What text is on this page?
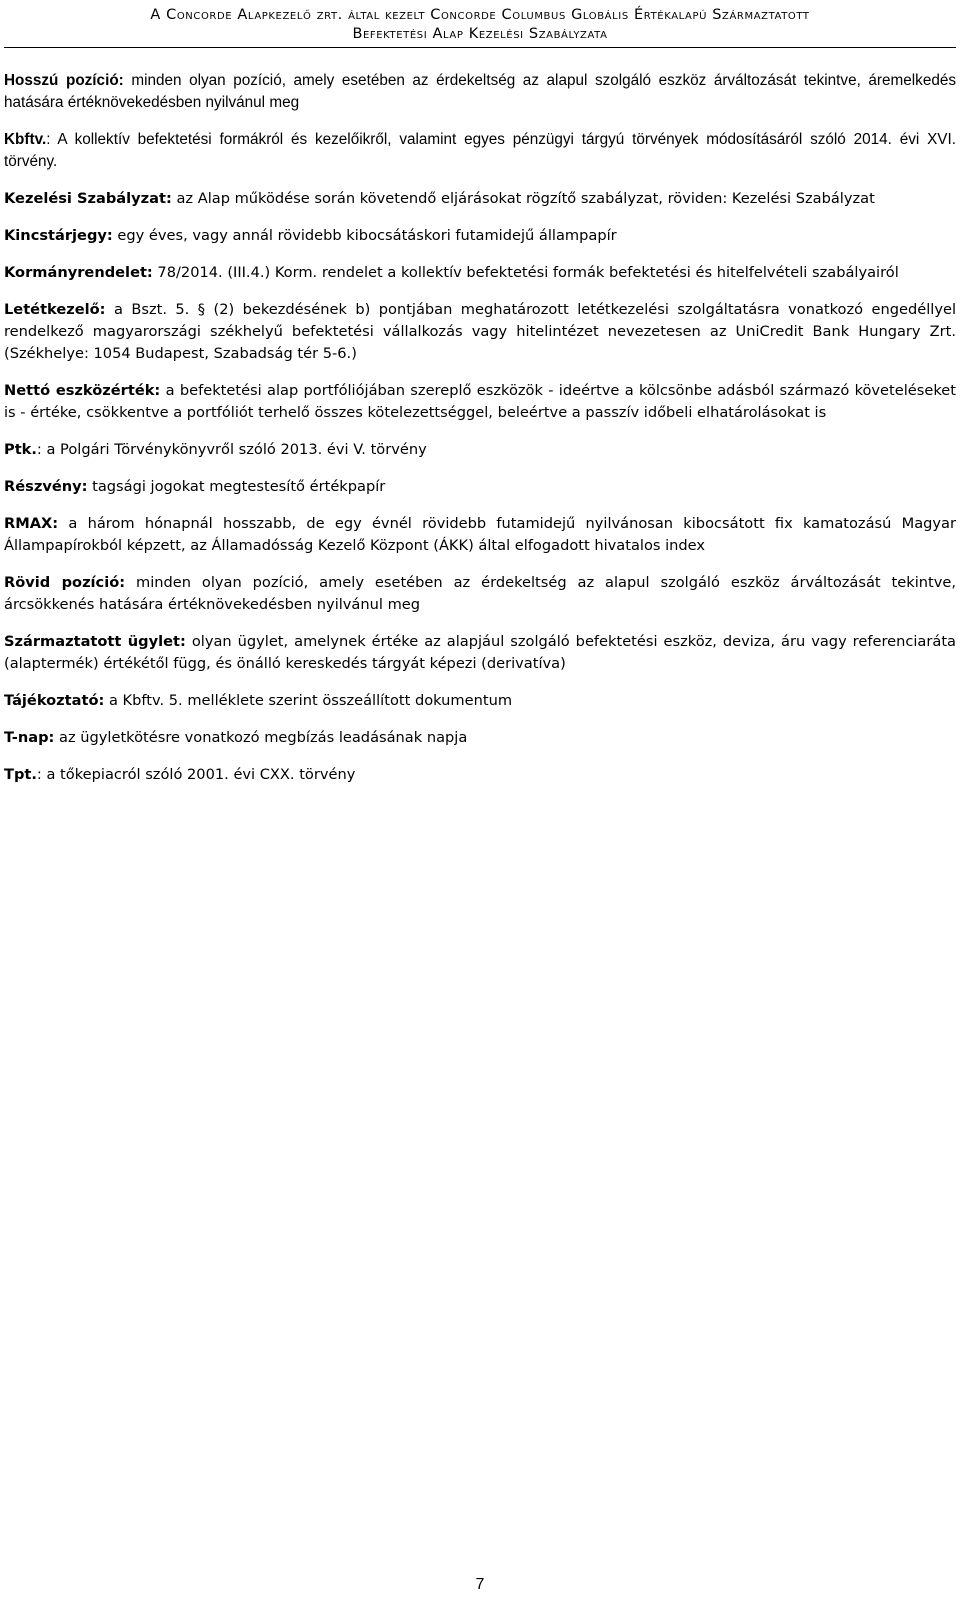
A Concorde Alapkezelő zrt. által kezelt Concorde Columbus Globális Értékalapú Származtatott
Befektetési Alap Kezelési Szabályzata

Hosszú pozíció: minden olyan pozíció, amely esetében az érdekeltség az alapul szolgáló eszköz árváltozását tekintve, áremelkedés hatására értéknövekedésben nyilvánul meg

Kbftv.: A kollektív befektetési formákról és kezelőikről, valamint egyes pénzügyi tárgyú törvények módosításáról szóló 2014. évi XVI. törvény.

Kezelési Szabályzat: az Alap működése során követendő eljárásokat rögzítő szabályzat, röviden: Kezelési Szabályzat

Kincstárjegy: egy éves, vagy annál rövidebb kibocsátáskori futamidejű állampapír

Kormányrendelet: 78/2014. (III.4.) Korm. rendelet a kollektív befektetési formák befektetési és hitelfelvételi szabályairól

Letétkezelő: a Bszt. 5. § (2) bekezdésének b) pontjában meghatározott letétkezelési szolgáltatásra vonatkozó engedéllyel rendelkező magyarországi székhelyű befektetési vállalkozás vagy hitelintézet nevezetesen az UniCredit Bank Hungary Zrt. (Székhelye: 1054 Budapest, Szabadság tér 5-6.)

Nettó eszközérték: a befektetési alap portfóliójában szereplő eszközök - ideértve a kölcsönbe adásból származó követeléseket is - értéke, csökkentve a portfóliót terhelő összes kötelezettséggel, beleértve a passzív időbeli elhatárolásokat is

Ptk.: a Polgári Törvénykönyvről szóló 2013. évi V. törvény

Részvény: tagsági jogokat megtestesítő értékpapír

RMAX: a három hónapnál hosszabb, de egy évnél rövidebb futamidejű nyilvánosan kibocsátott fix kamatozású Magyar Állampapírokból képzett, az Államadósság Kezelő Központ (ÁKK) által elfogadott hivatalos index

Rövid pozíció: minden olyan pozíció, amely esetében az érdekeltség az alapul szolgáló eszköz árváltozását tekintve, árcsökkenés hatására értéknövekedésben nyilvánul meg

Származtatott ügylet: olyan ügylet, amelynek értéke az alapjául szolgáló befektetési eszköz, deviza, áru vagy referenciaráta (alaptermék) értékétől függ, és önálló kereskedés tárgyát képezi (derivatíva)

Tájékoztató: a Kbftv. 5. melléklete szerint összeállított dokumentum

T-nap: az ügyletkötésre vonatkozó megbízás leadásának napja

Tpt.: a tőkepiacról szóló 2001. évi CXX. törvény

7
